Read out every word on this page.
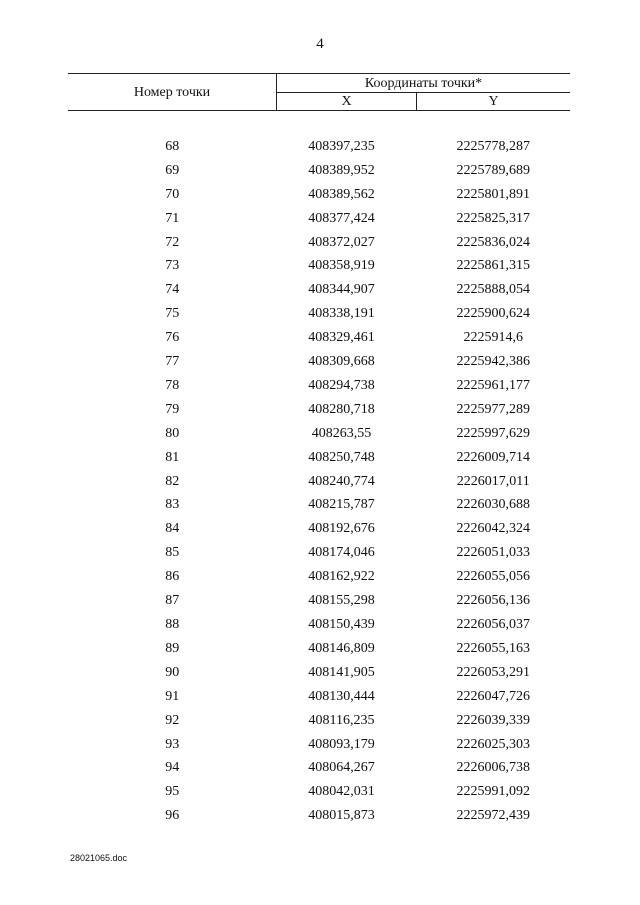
4
Номер точки	Координаты точки*	
	X	Y

68	408397,235	2225778,287
69	408389,952	2225789,689
70	408389,562	2225801,891
71	408377,424	2225825,317
72	408372,027	2225836,024
73	408358,919	2225861,315
74	408344,907	2225888,054
75	408338,191	2225900,624
76	408329,461	2225914,6
77	408309,668	2225942,386
78	408294,738	2225961,177
79	408280,718	2225977,289
80	408263,55	2225997,629
81	408250,748	2226009,714
82	408240,774	2226017,011
83	408215,787	2226030,688
84	408192,676	2226042,324
85	408174,046	2226051,033
86	408162,922	2226055,056
87	408155,298	2226056,136
88	408150,439	2226056,037
89	408146,809	2226055,163
90	408141,905	2226053,291
91	408130,444	2226047,726
92	408116,235	2226039,339
93	408093,179	2226025,303
94	408064,267	2226006,738
95	408042,031	2225991,092
96	408015,873	2225972,439
28021065.doc
